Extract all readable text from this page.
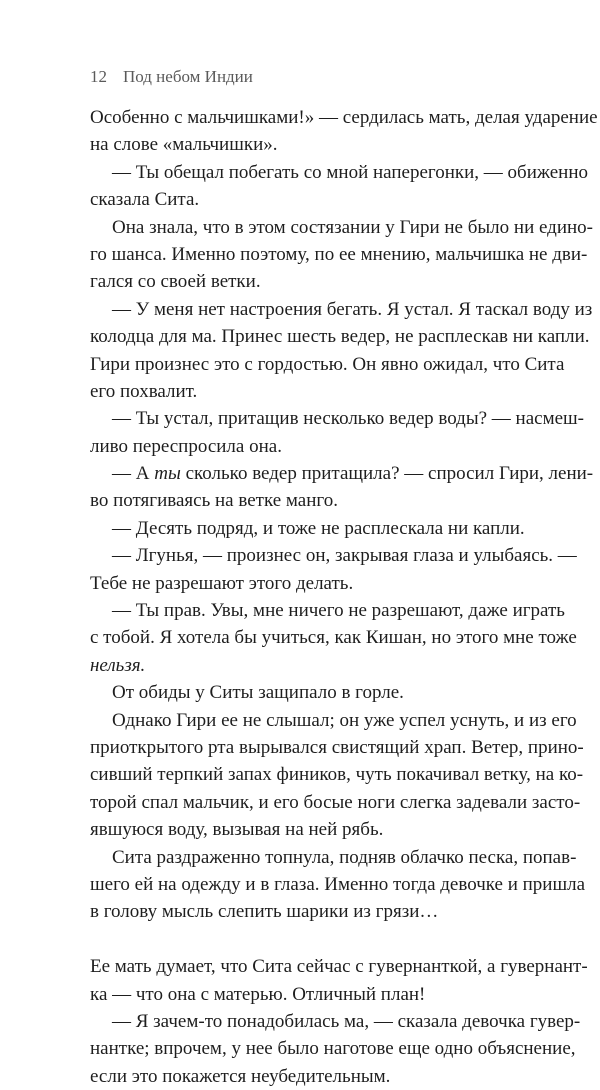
12 Под небом Индии
Особенно с мальчишками!» — сердилась мать, делая ударение
на слове «мальчишки».
— Ты обещал побегать со мной наперегонки, — обиженно
сказала Сита.
Она знала, что в этом состязании у Гири не было ни едино-
го шанса. Именно поэтому, по ее мнению, мальчишка не дви-
гался со своей ветки.
— У меня нет настроения бегать. Я устал. Я таскал воду из
колодца для ма. Принес шесть ведер, не расплескав ни капли.
Гири произнес это с гордостью. Он явно ожидал, что Сита
его похвалит.
— Ты устал, притащив несколько ведер воды? — насмеш-
ливо переспросила она.
— А ты сколько ведер притащила? — спросил Гири, лени-
во потягиваясь на ветке манго.
— Десять подряд, и тоже не расплескала ни капли.
— Лгунья, — произнес он, закрывая глаза и улыбаясь. —
Тебе не разрешают этого делать.
— Ты прав. Увы, мне ничего не разрешают, даже играть
с тобой. Я хотела бы учиться, как Кишан, но этого мне тоже
нельзя.
От обиды у Ситы защипало в горле.
Однако Гири ее не слышал; он уже успел уснуть, и из его
приоткрытого рта вырывался свистящий храп. Ветер, прино-
сивший терпкий запах фиников, чуть покачивал ветку, на ко-
торой спал мальчик, и его босые ноги слегка задевали засто-
явшуюся воду, вызывая на ней рябь.
Сита раздраженно топнула, подняв облачко песка, попав-
шего ей на одежду и в глаза. Именно тогда девочке и пришла
в голову мысль слепить шарики из грязи…
Ее мать думает, что Сита сейчас с гувернанткой, а гувернант-
ка — что она с матерью. Отличный план!
— Я зачем-то понадобилась ма, — сказала девочка гувер-
нантке; впрочем, у нее было наготове еще одно объяснение,
если это покажется неубедительным.
